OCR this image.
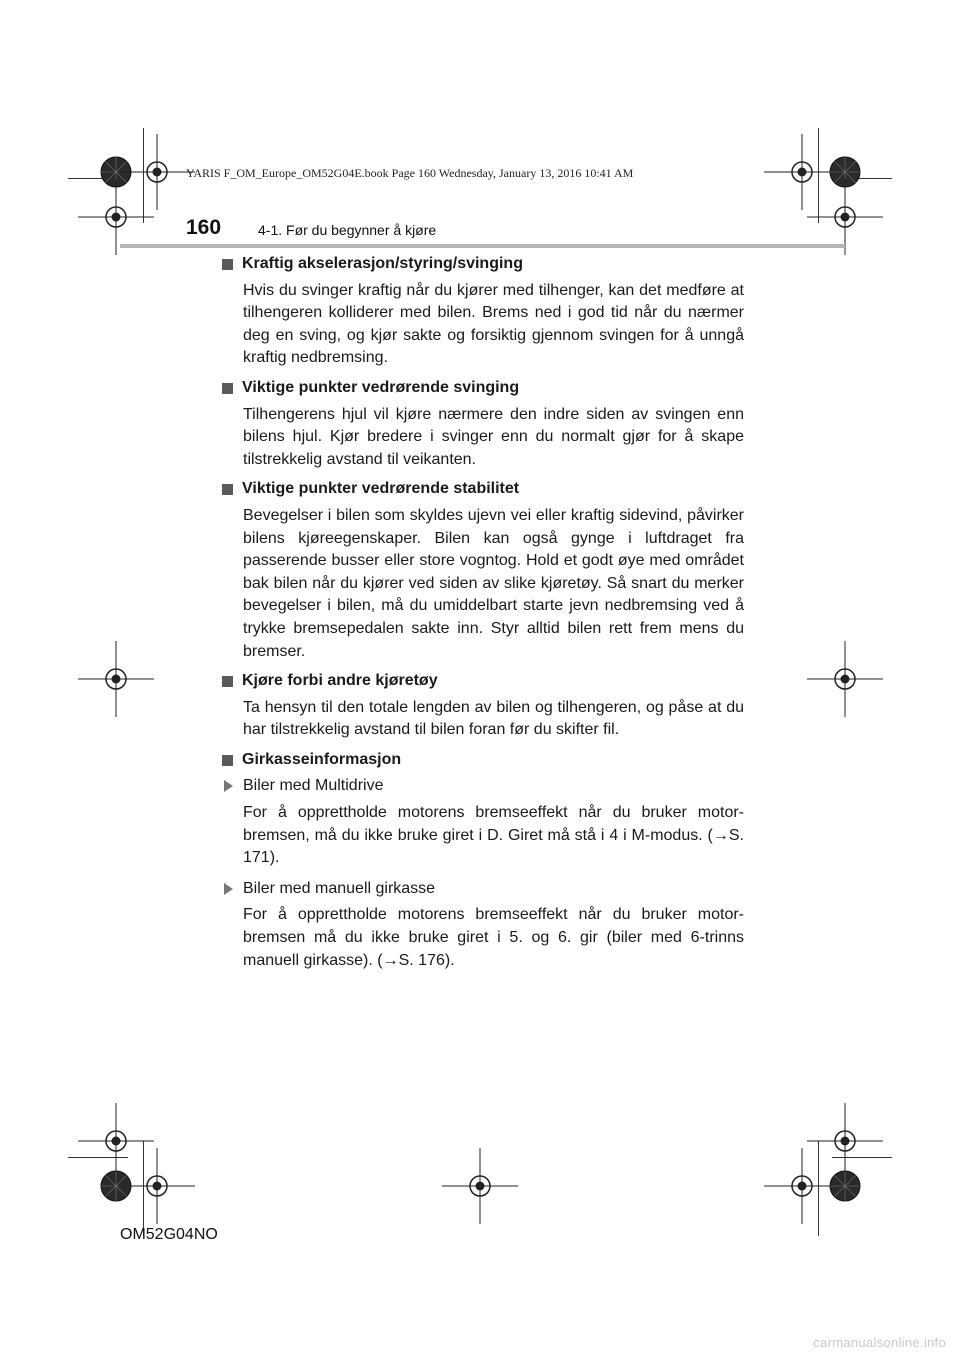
YARIS F_OM_Europe_OM52G04E.book Page 160 Wednesday, January 13, 2016 10:41 AM
160	4-1. Før du begynner å kjøre
Kraftig akselerasjon/styring/svinging
Hvis du svinger kraftig når du kjører med tilhenger, kan det medføre at tilhengeren kolliderer med bilen. Brems ned i god tid når du nærmer deg en sving, og kjør sakte og forsiktig gjennom svingen for å unngå kraftig nedbremsing.
Viktige punkter vedrørende svinging
Tilhengerens hjul vil kjøre nærmere den indre siden av svingen enn bilens hjul. Kjør bredere i svinger enn du normalt gjør for å skape tilstrekkelig avstand til veikanten.
Viktige punkter vedrørende stabilitet
Bevegelser i bilen som skyldes ujevn vei eller kraftig sidevind, påvirker bilens kjøreegenskaper. Bilen kan også gynge i luftdraget fra passerende busser eller store vogntog. Hold et godt øye med området bak bilen når du kjører ved siden av slike kjøretøy. Så snart du merker bevegelser i bilen, må du umiddelbart starte jevn nedbremsing ved å trykke bremsepedalen sakte inn. Styr alltid bilen rett frem mens du bremser.
Kjøre forbi andre kjøretøy
Ta hensyn til den totale lengden av bilen og tilhengeren, og påse at du har tilstrekkelig avstand til bilen foran før du skifter fil.
Girkasseinformasjon
Biler med Multidrive
For å opprettholde motorens bremseeffekt når du bruker motor-bremsen, må du ikke bruke giret i D. Giret må stå i 4 i M-modus. (→S. 171).
Biler med manuell girkasse
For å opprettholde motorens bremseeffekt når du bruker motor-bremsen må du ikke bruke giret i 5. og 6. gir (biler med 6-trinns manuell girkasse). (→S. 176).
OM52G04NO
carmanualsonline.info
